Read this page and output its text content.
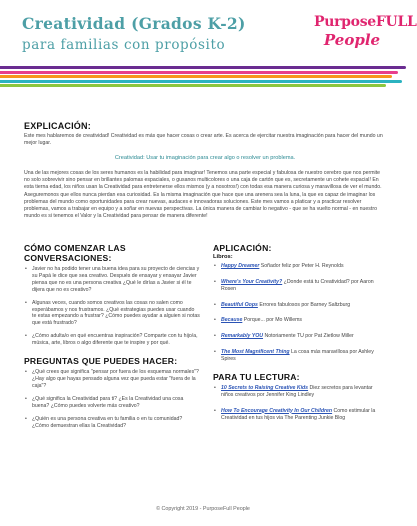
Creatividad (Grados K-2)
para familias con propósito
PurposeFULL
People
EXPLICACIÓN:
Este mes hablaremos de creatividad! Creatividad es más que hacer cosas o crear arte. Es acerca de ejercitar nuestra imaginación para hacer del mundo un mejor lugar.
Creatividad: Usar tu imaginación para crear algo o resolver un problema.
Una de las mejores cosas de los seres humanos es la habilidad para imaginar! Tenemos una parte especial y fabulosa de nuestro cerebro que nos permite no solo sobrevivir sino pensar en brillantes palomas espaciales, o gusanos multicolores o una caja de cartón que es, secretamente un cohete espacial! En esta tierna edad, los niños usan la Creatividad para entretenerse ellos mismos (y a nosotros!) con todas esa manera curiosa y maravillosa de ver el mundo. Aseguremonos que ellos nunca pierdan esa curiosidad. Es la misma imaginación que hace que una arenera sea la luna, la que es capaz de imaginar los problemas del mundo como oportunidades para crear nuevas, audaces e innovadoras soluciones. Este mes vamos a platicar y a practicar resolver problemas, vamos a trabajar en equipo y a soñar en nuevas perspectivas. La única manera de cambiar lo negativo - que se ha vuelto normal - en nuestro mundo es si tenemos el Valor y la Creatividad para pensar de manera diferente!
CÓMO COMENZAR LAS CONVERSACIONES:
• Javier no ha podido tener una buena idea para su proyecto de ciencias y su Papá le dice que sea creativo. Después de ensayar y ensayar Javier piensa que no es una persona creativa ¿Qué le dirías a Javier si él te dijera que no es creativo?
• Algunas veces, cuando somos creativos las cosas no salen como esperábamos y nos frustramos. ¿Qué estrategias puedes usar cuando te estas empezando a frustrar? ¿Cómo puedes ayudar a alguien si notas que está frustrado?
• ¿Cómo adulta/o en qué encuentras inspiración? Comparte con tu hijo/a, música, arte, libros o algo diferente que te inspire y por qué.
PREGUNTAS QUE PUEDES HACER:
• ¿Qué crees que significa "pensar por fuera de los esquemas normales"? ¿Hay algo que hayas pensado alguna vez que pueda estar "fuera de la caja"?
• ¿Qué significa la Creatividad para ti? ¿Es la Creatividad una cosa buena? ¿Cómo puedes volverte más creativo?
• ¿Quién es una persona creativa en tu familia o en tu comunidad? ¿Cómo demuestran ellas la Creatividad?
APLICACIÓN:
Libros:
• Happy Dreamer Soñador feliz por Peter H. Reynolds
• Where's Your Creativity? ¿Donde está tu Creatividad? por Aaron Rosen
• Beautiful Oops Errores fabulosos por Barney Saltzburg
• Because Porque... por Mo Willems
• Remarkably YOU Notoriamente TU por Pat Zietlow Miller
• The Most Magnificent Thing La cosa más maravillosa por Ashley Spires
PARA TU LECTURA:
• 10 Secrets to Raising Creative Kids Diez secretos para levantar niños creativos por Jennifer King Lindley
• How To Encourage Creativity In Our Children Como estimular la Creatividad en tus hijos via The Parenting Junkie Blog
© Copyright 2019 - PurposeFull People
